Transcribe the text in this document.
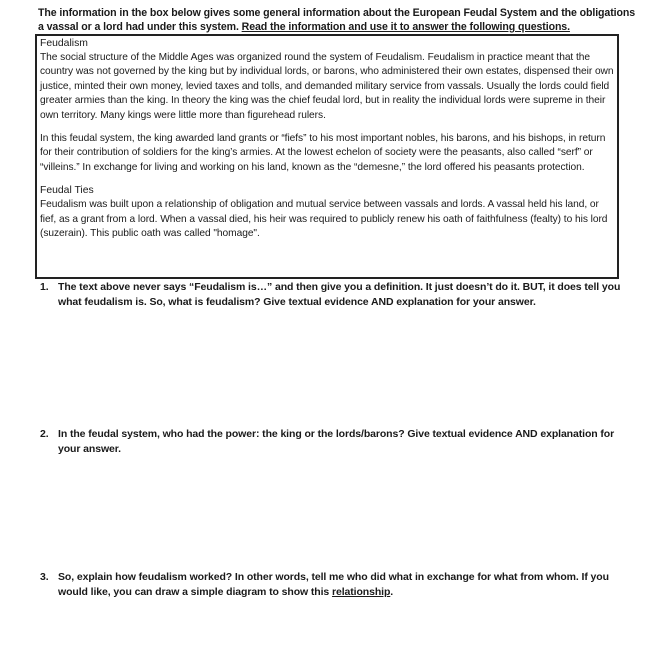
The information in the box below gives some general information about the European Feudal System and the obligations a vassal or a lord had under this system. Read the information and use it to answer the following questions.

Feudalism

The social structure of the Middle Ages was organized round the system of Feudalism. Feudalism in practice meant that the country was not governed by the king but by individual lords, or barons, who administered their own estates, dispensed their own justice, minted their own money, levied taxes and tolls, and demanded military service from vassals. Usually the lords could field greater armies than the king. In theory the king was the chief feudal lord, but in reality the individual lords were supreme in their own territory. Many kings were little more than figurehead rulers.

In this feudal system, the king awarded land grants or “fiefs” to his most important nobles, his barons, and his bishops, in return for their contribution of soldiers for the king’s armies. At the lowest echelon of society were the peasants, also called “serf” or “villeins.” In exchange for living and working on his land, known as the “demesne,” the lord offered his peasants protection.

Feudal Ties

Feudalism was built upon a relationship of obligation and mutual service between vassals and lords. A vassal held his land, or fief, as a grant from a lord. When a vassal died, his heir was required to publicly renew his oath of faithfulness (fealty) to his lord (suzerain). This public oath was called "homage".

1. The text above never says “Feudalism is…” and then give you a definition. It just doesn’t do it. BUT, it does tell you what feudalism is. So, what is feudalism? Give textual evidence AND explanation for your answer.
2. In the feudal system, who had the power: the king or the lords/barons? Give textual evidence AND explanation for your answer.
3. So, explain how feudalism worked? In other words, tell me who did what in exchange for what from whom. If you would like, you can draw a simple diagram to show this relationship.
